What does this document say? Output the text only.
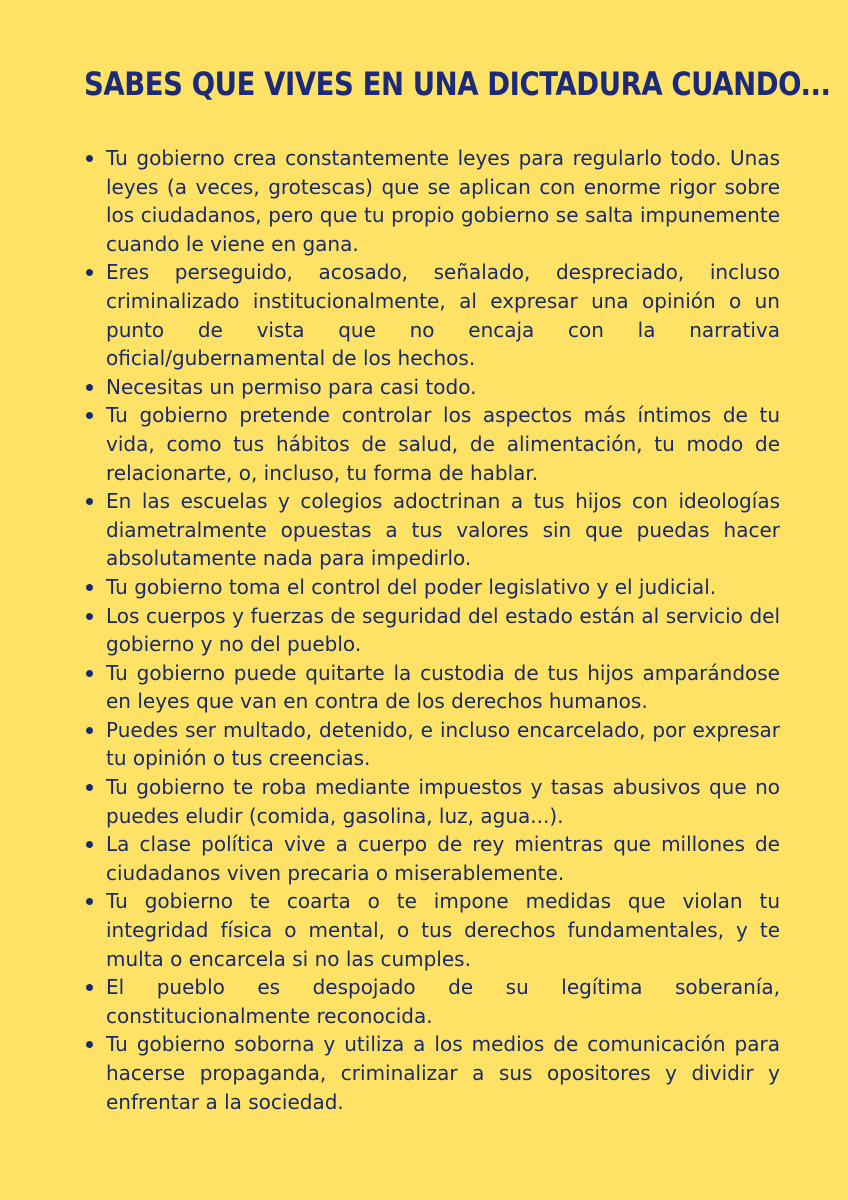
SABES QUE VIVES EN UNA DICTADURA CUANDO...
Tu gobierno crea constantemente leyes para regularlo todo. Unas leyes (a veces, grotescas) que se aplican con enorme rigor sobre los ciudadanos, pero que tu propio gobierno se salta impunemente cuando le viene en gana.
Eres perseguido, acosado, señalado, despreciado, incluso criminalizado institucionalmente, al expresar una opinión o un punto de vista que no encaja con la narrativa oficial/gubernamental de los hechos.
Necesitas un permiso para casi todo.
Tu gobierno pretende controlar los aspectos más íntimos de tu vida, como tus hábitos de salud, de alimentación, tu modo de relacionarte, o, incluso, tu forma de hablar.
En las escuelas y colegios adoctrinan a tus hijos con ideologías diametralmente opuestas a tus valores sin que puedas hacer absolutamente nada para impedirlo.
Tu gobierno toma el control del poder legislativo y el judicial.
Los cuerpos y fuerzas de seguridad del estado están al servicio del gobierno y no del pueblo.
Tu gobierno puede quitarte la custodia de tus hijos amparándose en leyes que van en contra de los derechos humanos.
Puedes ser multado, detenido, e incluso encarcelado, por expresar tu opinión o tus creencias.
Tu gobierno te roba mediante impuestos y tasas abusivos que no puedes eludir (comida, gasolina, luz, agua...).
La clase política vive a cuerpo de rey mientras que millones de ciudadanos viven precaria o miserablemente.
Tu gobierno te coarta o te impone medidas que violan tu integridad física o mental, o tus derechos fundamentales, y te multa o encarcela si no las cumples.
El pueblo es despojado de su legítima soberanía, constitucionalmente reconocida.
Tu gobierno soborna y utiliza a los medios de comunicación para hacerse propaganda, criminalizar a sus opositores y dividir y enfrentar a la sociedad.
